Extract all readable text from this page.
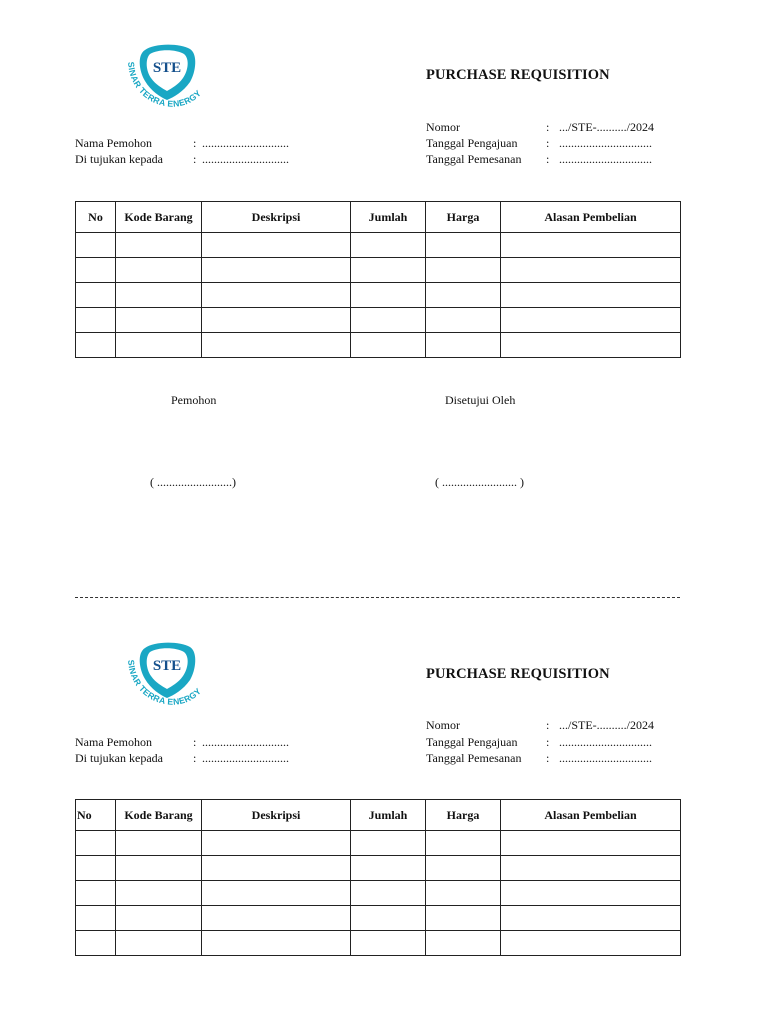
STE
SINAR TERRA ENERGY
PURCHASE REQUISITION
Nama Pemohon	: .............................
Di tujukan kepada	: .............................
Nomor	: .../STE-........../2024
Tanggal Pengajuan : ...............................
Tanggal Pemesanan : ...............................
No	Kode Barang	Deskripsi	Jumlah	Harga	Alasan Pembelian

Pemohon	Disetujui Oleh
( .........................)	( ......................... )
STE
SINAR TERRA ENERGY
PURCHASE REQUISITION
Nama Pemohon	: .............................
Di tujukan kepada	: .............................
Nomor	: .../STE-........../2024
Tanggal Pengajuan : ...............................
Tanggal Pemesanan : ...............................
No	Kode Barang	Deskripsi	Jumlah	Harga	Alasan Pembelian
